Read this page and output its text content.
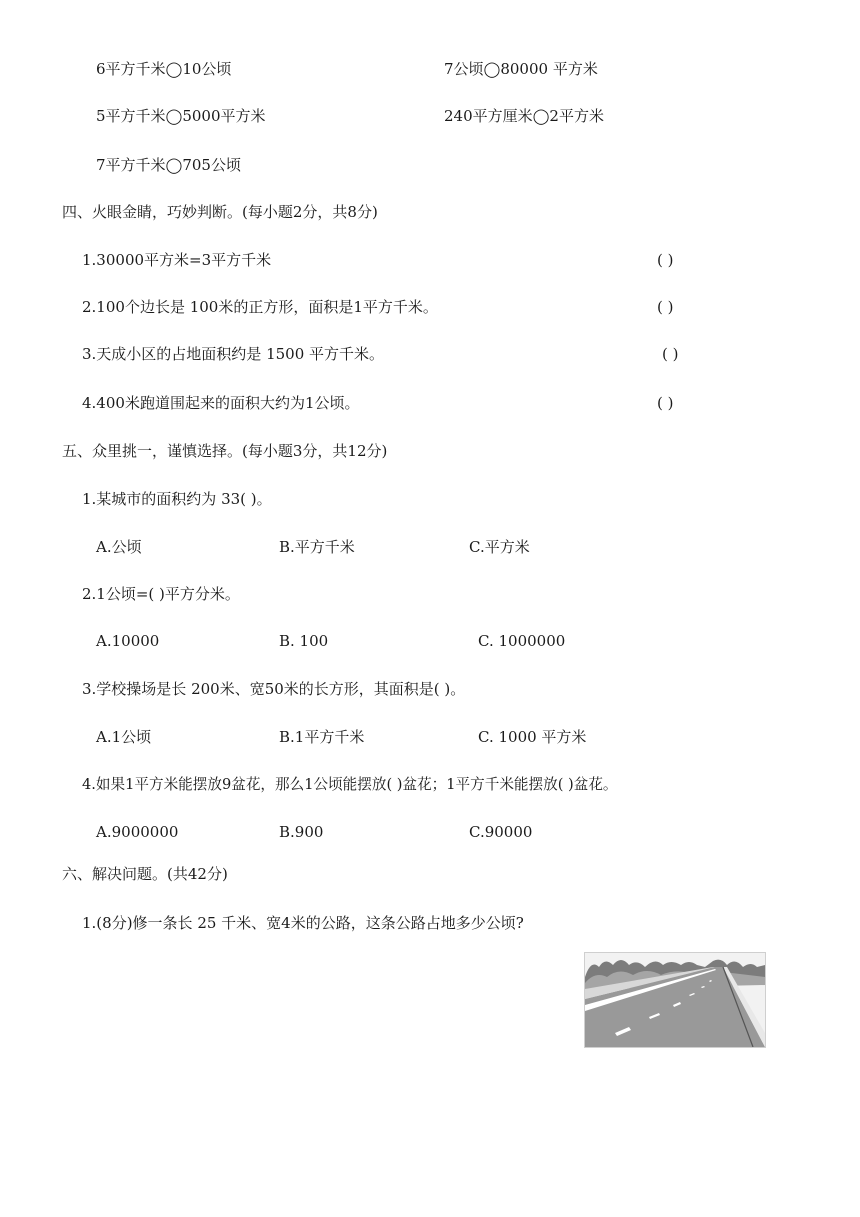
6平方千米◯10公顷	7公顷◯80000 平方米
5平方千米◯5000平方米	240平方厘米◯2平方米
7平方千米◯705公顷
四、火眼金睛，巧妙判断。(每小题2分，共8分)
1.30000平方米=3平方千米	( )
2.100个边长是 100米的正方形，面积是1平方千米。	( )
3.天成小区的占地面积约是 1500 平方千米。	( )
4.400米跑道围起来的面积大约为1公顷。	( )
五、众里挑一，谨慎选择。(每小题3分，共12分)
1.某城市的面积约为 33( )。
A.公顷	B.平方千米	C.平方米
2.1公顷=( )平方分米。
A.10000	B. 100	C. 1000000
3.学校操场是长 200米、宽50米的长方形，其面积是( )。
A.1公顷	B.1平方千米	C. 1000 平方米
4.如果1平方米能摆放9盆花，那么1公顷能摆放( )盆花；1平方千米能摆放( )盆花。
A.9000000	B.900	C.90000
六、解决问题。(共42分)
1.(8分)修一条长 25 千米、宽4米的公路，这条公路占地多少公顷?
